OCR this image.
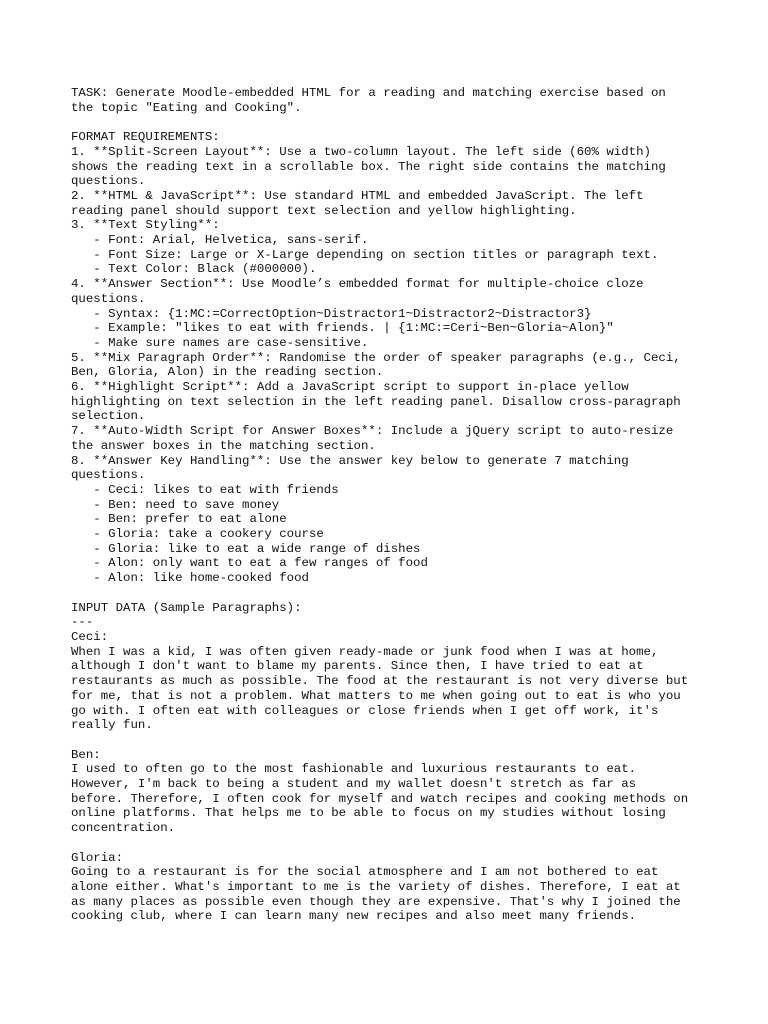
TASK: Generate Moodle-embedded HTML for a reading and matching exercise based on
the topic "Eating and Cooking".
FORMAT REQUIREMENTS:
1. **Split-Screen Layout**: Use a two-column layout. The left side (60% width)
shows the reading text in a scrollable box. The right side contains the matching
questions.
2. **HTML & JavaScript**: Use standard HTML and embedded JavaScript. The left
reading panel should support text selection and yellow highlighting.
3. **Text Styling**:
- Font: Arial, Helvetica, sans-serif.
- Font Size: Large or X-Large depending on section titles or paragraph text.
- Text Color: Black (#000000).
4. **Answer Section**: Use Moodle’s embedded format for multiple-choice cloze
questions.
- Syntax: {1:MC:=CorrectOption~Distractor1~Distractor2~Distractor3}
- Example: "likes to eat with friends. | {1:MC:=Ceri~Ben~Gloria~Alon}"
- Make sure names are case-sensitive.
5. **Mix Paragraph Order**: Randomise the order of speaker paragraphs (e.g., Ceci,
Ben, Gloria, Alon) in the reading section.
6. **Highlight Script**: Add a JavaScript script to support in-place yellow
highlighting on text selection in the left reading panel. Disallow cross-paragraph
selection.
7. **Auto-Width Script for Answer Boxes**: Include a jQuery script to auto-resize
the answer boxes in the matching section.
8. **Answer Key Handling**: Use the answer key below to generate 7 matching
questions.
- Ceci: likes to eat with friends
- Ben: need to save money
- Ben: prefer to eat alone
- Gloria: take a cookery course
- Gloria: like to eat a wide range of dishes
- Alon: only want to eat a few ranges of food
- Alon: like home-cooked food
INPUT DATA (Sample Paragraphs):
---
Ceci:
When I was a kid, I was often given ready-made or junk food when I was at home,
although I don't want to blame my parents. Since then, I have tried to eat at
restaurants as much as possible. The food at the restaurant is not very diverse but
for me, that is not a problem. What matters to me when going out to eat is who you
go with. I often eat with colleagues or close friends when I get off work, it's
really fun.
Ben:
I used to often go to the most fashionable and luxurious restaurants to eat.
However, I'm back to being a student and my wallet doesn't stretch as far as
before. Therefore, I often cook for myself and watch recipes and cooking methods on
online platforms. That helps me to be able to focus on my studies without losing
concentration.
Gloria:
Going to a restaurant is for the social atmosphere and I am not bothered to eat
alone either. What's important to me is the variety of dishes. Therefore, I eat at
as many places as possible even though they are expensive. That's why I joined the
cooking club, where I can learn many new recipes and also meet many friends.
